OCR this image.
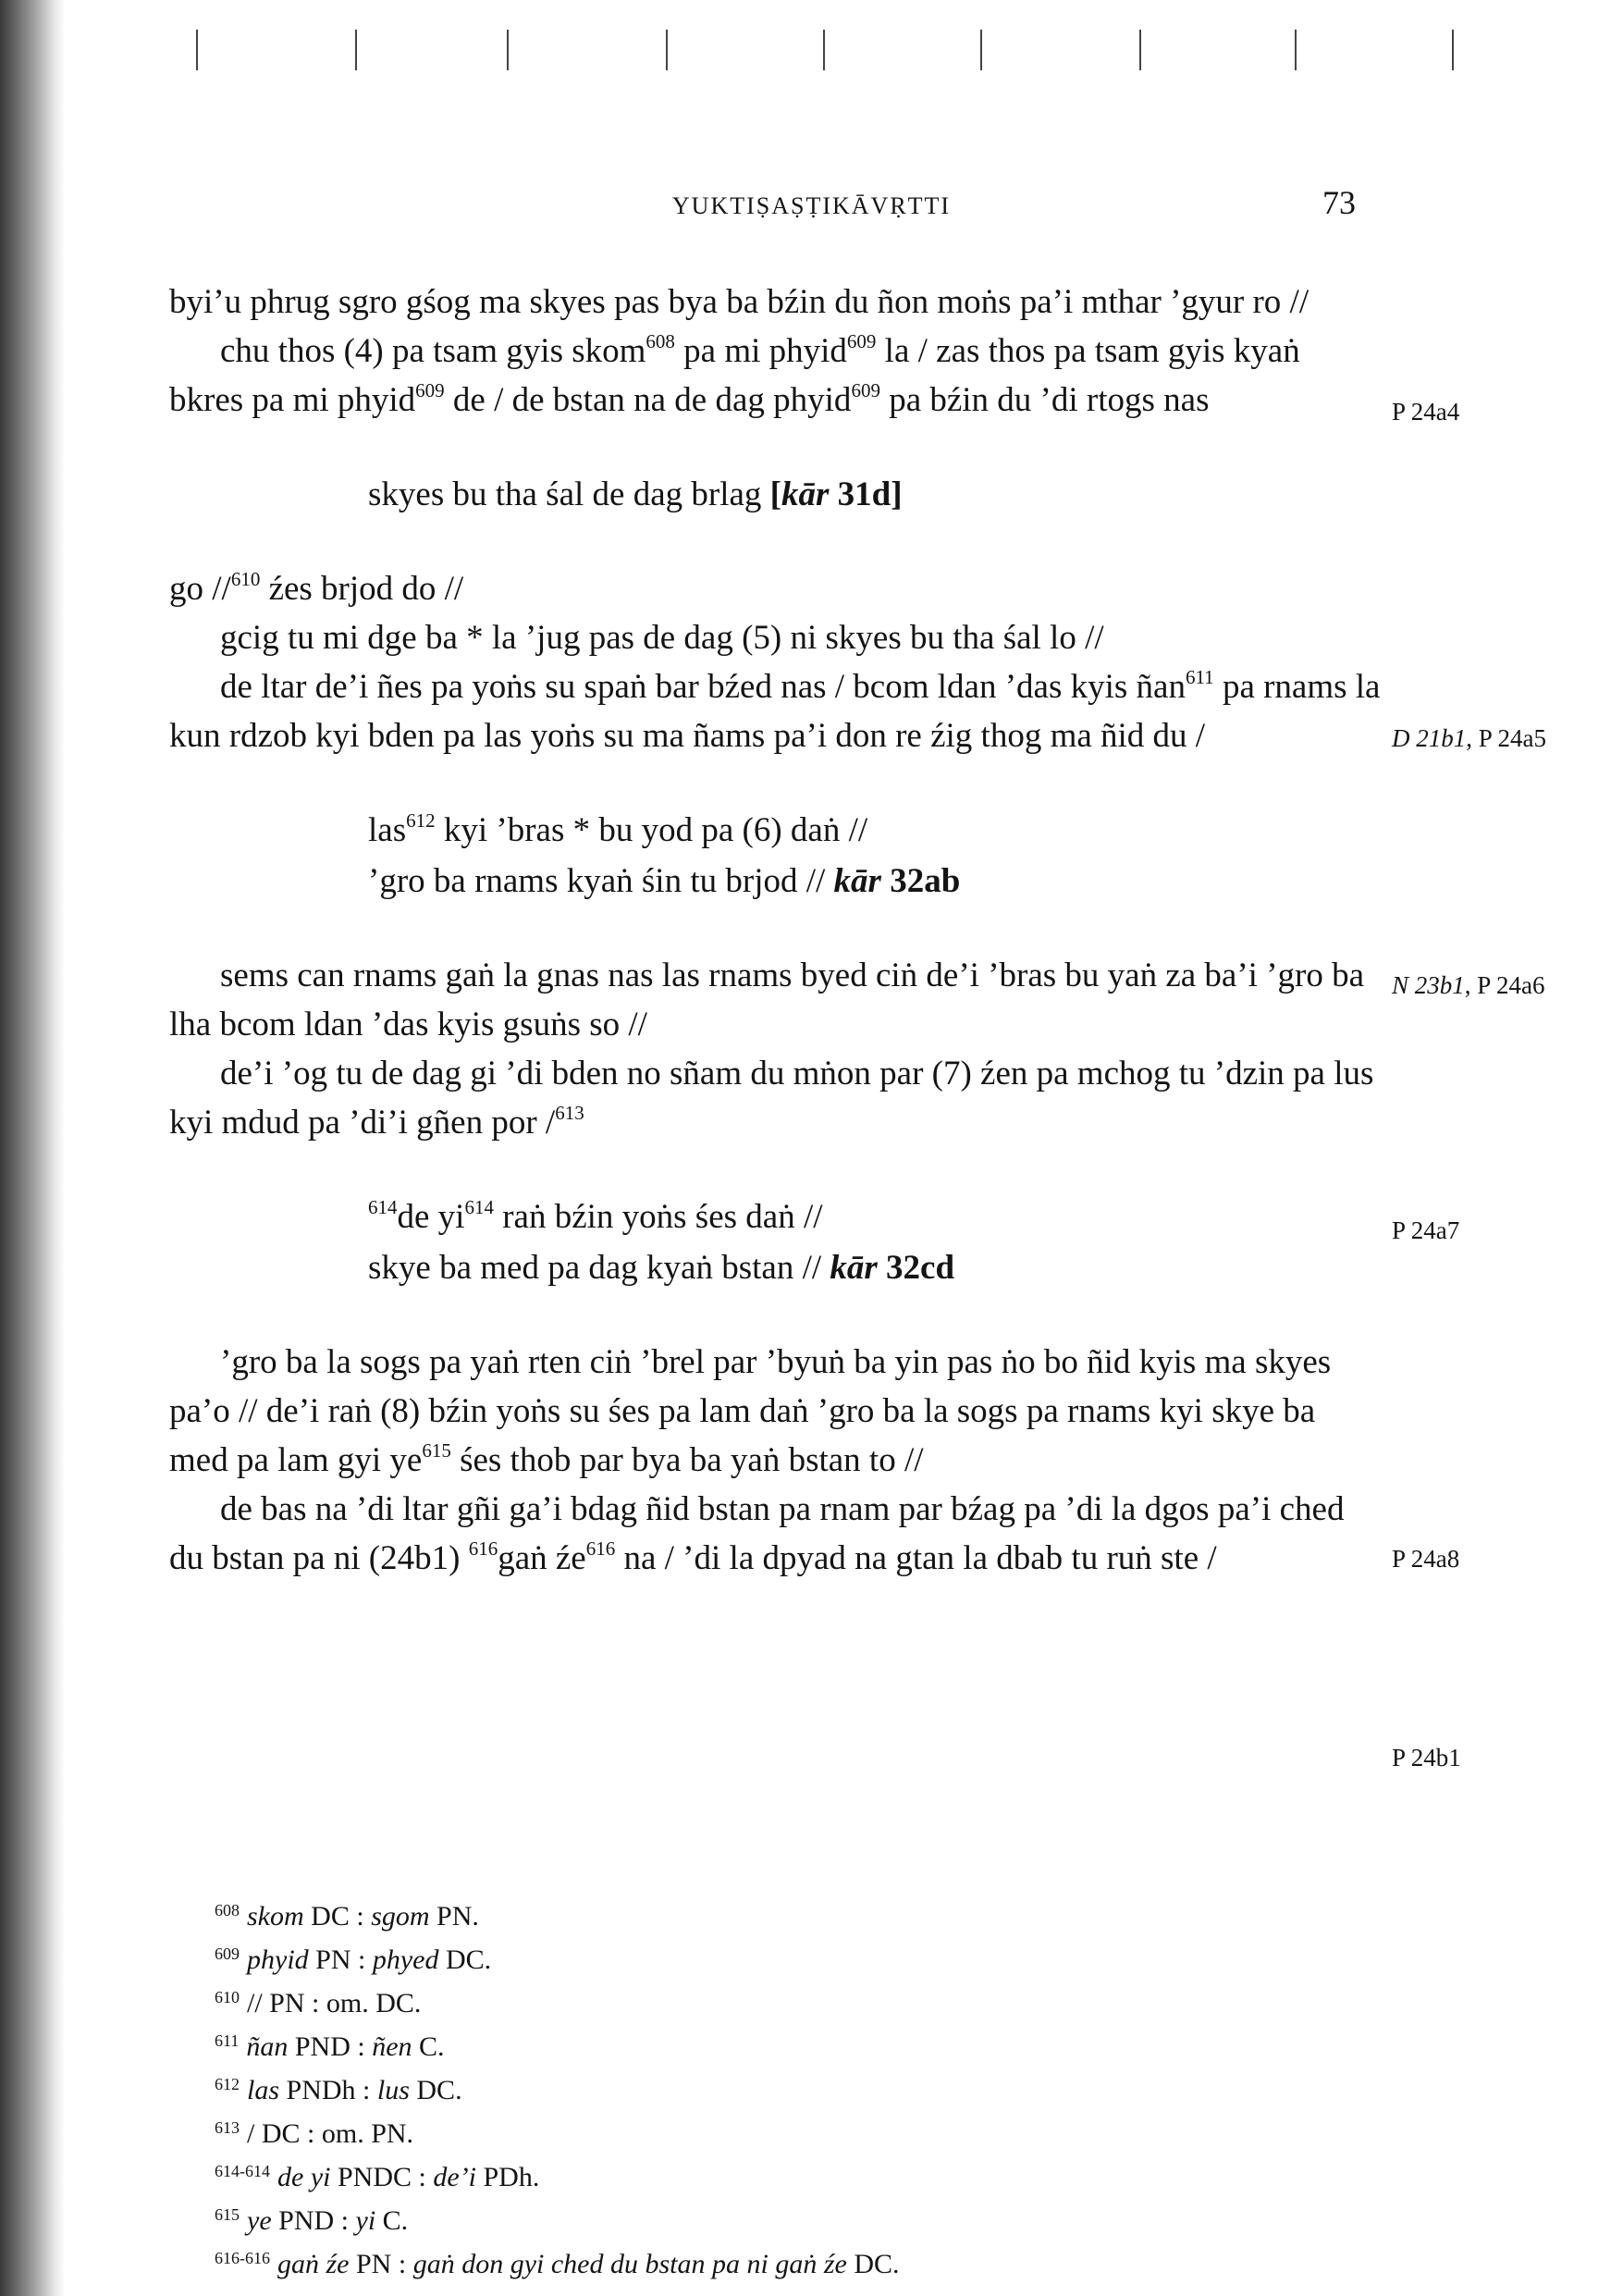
YUKTIṢAṢṬIKĀVṚTTI	73

byi’u phrug sgro gśog ma skyes pas bya ba bźin du ñon moṅs pa’i mthar ’gyur ro //

chu thos (4) pa tsam gyis skom$^{608}$ pa mi phyid$^{609}$ la / zas thos pa tsam gyis kyaṅ bkres pa mi phyid$^{609}$ de / de bstan na de dag phyid$^{609}$ pa bźin du ’di rtogs nas

skyes bu tha śal de dag brlag [kār 31d]

go //$^{610}$ źes brjod do //

gcig tu mi dge ba * la ’jug pas de dag (5) ni skyes bu tha śal lo //

de ltar de’i ñes pa yoṅs su spaṅ bar bźed nas / bcom ldan ’das kyis ñan$^{611}$ pa rnams la kun rdzob kyi bden pa las yoṅs su ma ñams pa’i don re źig thog ma ñid du /

las$^{612}$ kyi ’bras * bu yod pa (6) daṅ //
’gro ba rnams kyaṅ śin tu brjod // kār 32ab

sems can rnams gaṅ la gnas nas las rnams byed ciṅ de’i ’bras bu yaṅ za ba’i ’gro ba lha bcom ldan ’das kyis gsuṅs so //

de’i ’og tu de dag gi ’di bden no sñam du mṅon par (7) źen pa mchog tu ’dzin pa lus kyi mdud pa ’di’i gñen por /$^{613}$

$^{614}$de $yi^{614}$ raṅ bźin yoṅs śes daṅ //
skye ba med pa dag kyaṅ bstan // kār 32cd

’gro ba la sogs pa yaṅ rten ciṅ ’brel par ’byuṅ ba yin pas ṅo bo ñid kyis ma skyes pa’o // de’i raṅ (8) bźin yoṅs su śes pa lam daṅ ’gro ba la sogs pa rnams kyi skye ba med pa lam gyi $ye^{615}$ śes thob par bya ba yaṅ bstan to //

de bas na ’di ltar gñi ga’i bdag ñid bstan pa rnam par bźag pa ’di la dgos pa’i ched du bstan pa ni (24b1) $^{616}$gaṅ $źe^{616}$ na / ’di la dpyad na gtan la dbab tu ruṅ ste /

P 24a4
D 21b1, P 24a5
N 23b1, P 24a6
P 24a7
P 24a8
P 24b1
$^{608}$ skom DC : sgom PN.
$^{609}$ phyid PN : phyed DC.
$^{610}$ // PN : om. DC.
$^{611}$ ñan PND : ñen C.
$^{612}$ las PNDh : lus DC.
$^{613}$ / DC : om. PN.
$^{614-614}$ de yi PNDC : de’i PDh.
$^{615}$ ye PND : yi C.
$^{616-616}$ gaṅ źe PN : gaṅ don gyi ched du bstan pa ni gaṅ źe DC.
